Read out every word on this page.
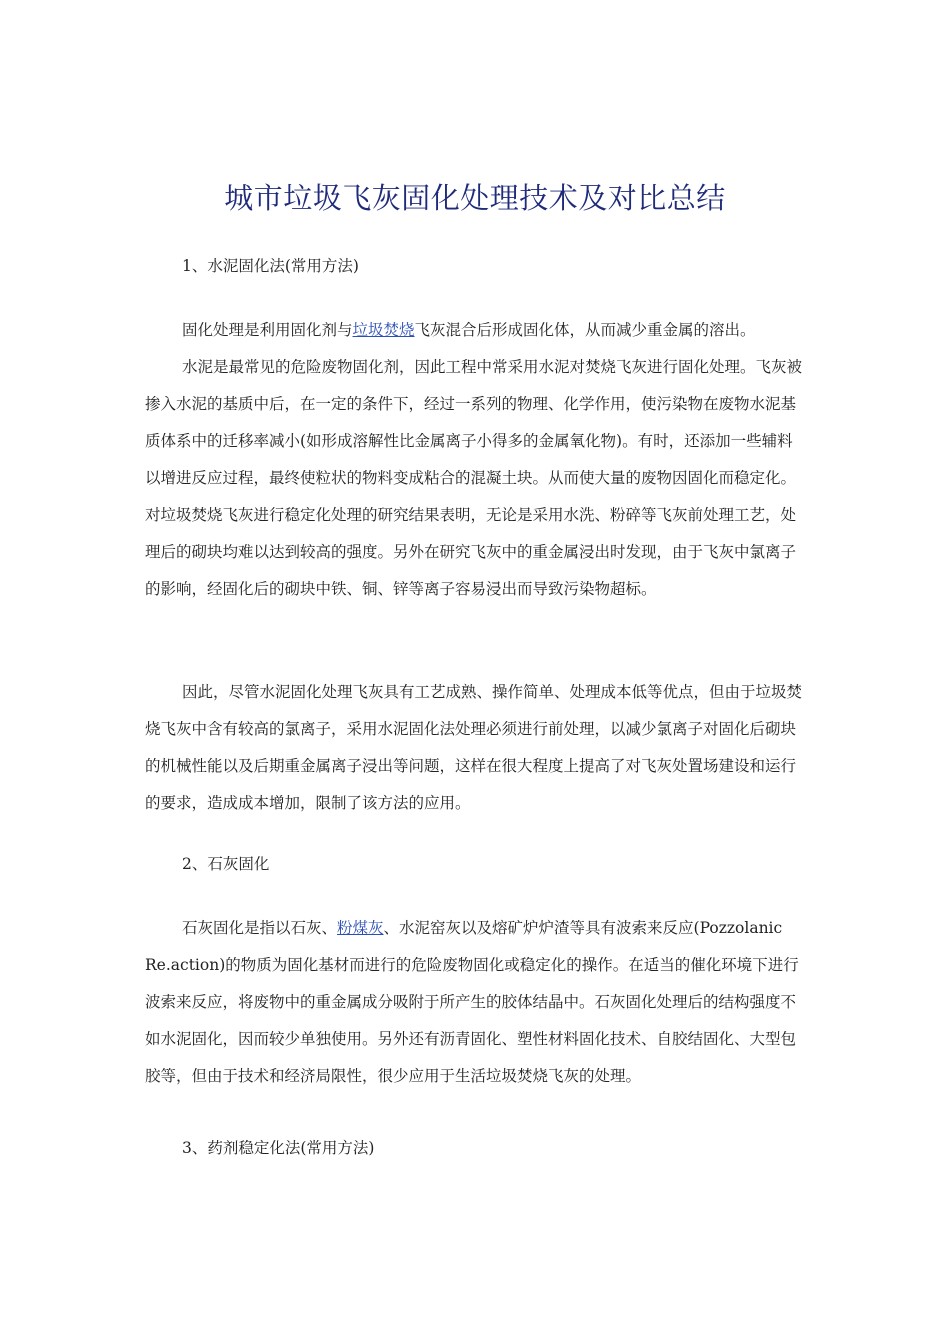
城市垃圾飞灰固化处理技术及对比总结

1、水泥固化法(常用方法)

固化处理是利用固化剂与垃圾焚烧飞灰混合后形成固化体，从而减少重金属的溶出。
水泥是最常见的危险废物固化剂，因此工程中常采用水泥对焚烧飞灰进行固化处理。飞灰被掺入水泥的基质中后，在一定的条件下，经过一系列的物理、化学作用，使污染物在废物水泥基质体系中的迁移率减小(如形成溶解性比金属离子小得多的金属氧化物)。有时，还添加一些辅料以增进反应过程，最终使粒状的物料变成粘合的混凝土块。从而使大量的废物因固化而稳定化。对垃圾焚烧飞灰进行稳定化处理的研究结果表明，无论是采用水洗、粉碎等飞灰前处理工艺，处理后的砌块均难以达到较高的强度。另外在研究飞灰中的重金属浸出时发现，由于飞灰中氯离子的影响，经固化后的砌块中铁、铜、锌等离子容易浸出而导致污染物超标。

因此，尽管水泥固化处理飞灰具有工艺成熟、操作简单、处理成本低等优点，但由于垃圾焚烧飞灰中含有较高的氯离子，采用水泥固化法处理必须进行前处理，以减少氯离子对固化后砌块的机械性能以及后期重金属离子浸出等问题，这样在很大程度上提高了对飞灰处置场建设和运行的要求，造成成本增加，限制了该方法的应用。

2、石灰固化

石灰固化是指以石灰、粉煤灰、水泥窑灰以及熔矿炉炉渣等具有波索来反应(Pozzolanic Re.action)的物质为固化基材而进行的危险废物固化或稳定化的操作。在适当的催化环境下进行波索来反应，将废物中的重金属成分吸附于所产生的胶体结晶中。石灰固化处理后的结构强度不如水泥固化，因而较少单独使用。另外还有沥青固化、塑性材料固化技术、自胶结固化、大型包胶等，但由于技术和经济局限性，很少应用于生活垃圾焚烧飞灰的处理。

3、药剂稳定化法(常用方法)
